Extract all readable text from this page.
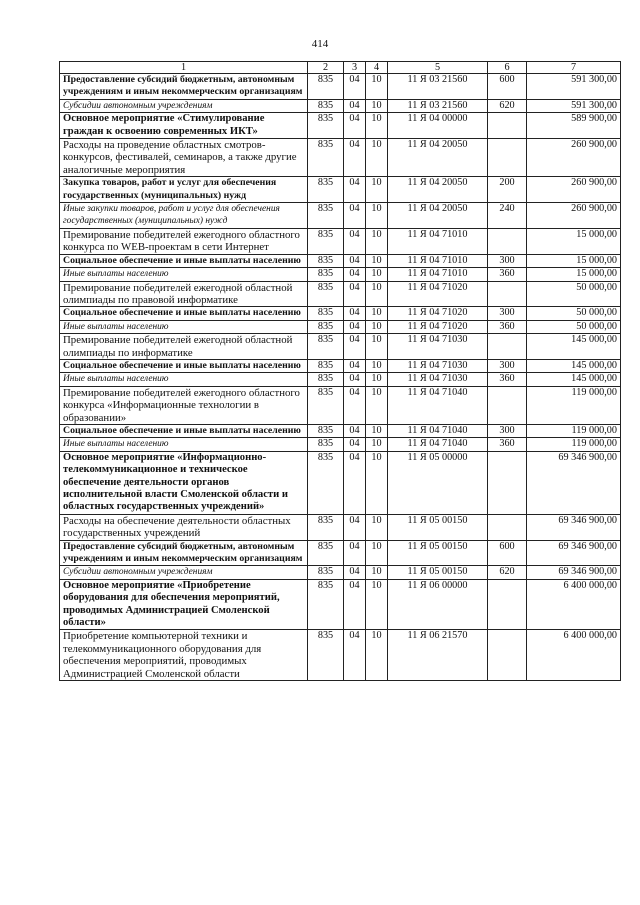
414
1	2	3	4	5	6	7
Предоставление субсидий бюджетным, автономным учреждениям и иным некоммерческим организациям	835	04	10	11 Я 03 21560	600	591 300,00
Субсидии автономным учреждениям	835	04	10	11 Я 03 21560	620	591 300,00
Основное мероприятие «Стимулирование граждан к освоению современных ИКТ»	835	04	10	11 Я 04 00000		589 900,00
Расходы на проведение областных смотров-конкурсов, фестивалей, семинаров, а также другие аналогичные мероприятия	835	04	10	11 Я 04 20050		260 900,00
Закупка товаров, работ и услуг для обеспечения государственных (муниципальных) нужд	835	04	10	11 Я 04 20050	200	260 900,00
Иные закупки товаров, работ и услуг для обеспечения государственных (муниципальных) нужд	835	04	10	11 Я 04 20050	240	260 900,00
Премирование победителей ежегодного областного конкурса по WEB-проектам в сети Интернет	835	04	10	11 Я 04 71010		15 000,00
Социальное обеспечение и иные выплаты населению	835	04	10	11 Я 04 71010	300	15 000,00
Иные выплаты населению	835	04	10	11 Я 04 71010	360	15 000,00
Премирование победителей ежегодной областной олимпиады по правовой информатике	835	04	10	11 Я 04 71020		50 000,00
Социальное обеспечение и иные выплаты населению	835	04	10	11 Я 04 71020	300	50 000,00
Иные выплаты населению	835	04	10	11 Я 04 71020	360	50 000,00
Премирование победителей ежегодной областной олимпиады по информатике	835	04	10	11 Я 04 71030		145 000,00
Социальное обеспечение и иные выплаты населению	835	04	10	11 Я 04 71030	300	145 000,00
Иные выплаты населению	835	04	10	11 Я 04 71030	360	145 000,00
Премирование победителей ежегодного областного конкурса «Информационные технологии в образовании»	835	04	10	11 Я 04 71040		119 000,00
Социальное обеспечение и иные выплаты населению	835	04	10	11 Я 04 71040	300	119 000,00
Иные выплаты населению	835	04	10	11 Я 04 71040	360	119 000,00
Основное мероприятие «Информационно-телекоммуникационное и техническое обеспечение деятельности органов исполнительной власти Смоленской области и областных государственных учреждений»	835	04	10	11 Я 05 00000		69 346 900,00
Расходы на обеспечение деятельности областных государственных учреждений	835	04	10	11 Я 05 00150		69 346 900,00
Предоставление субсидий бюджетным, автономным учреждениям и иным некоммерческим организациям	835	04	10	11 Я 05 00150	600	69 346 900,00
Субсидии автономным учреждениям	835	04	10	11 Я 05 00150	620	69 346 900,00
Основное мероприятие «Приобретение оборудования для обеспечения мероприятий, проводимых Администрацией Смоленской области»	835	04	10	11 Я 06 00000		6 400 000,00
Приобретение компьютерной техники и телекоммуникационного оборудования для обеспечения мероприятий, проводимых Администрацией Смоленской области	835	04	10	11 Я 06 21570		6 400 000,00
